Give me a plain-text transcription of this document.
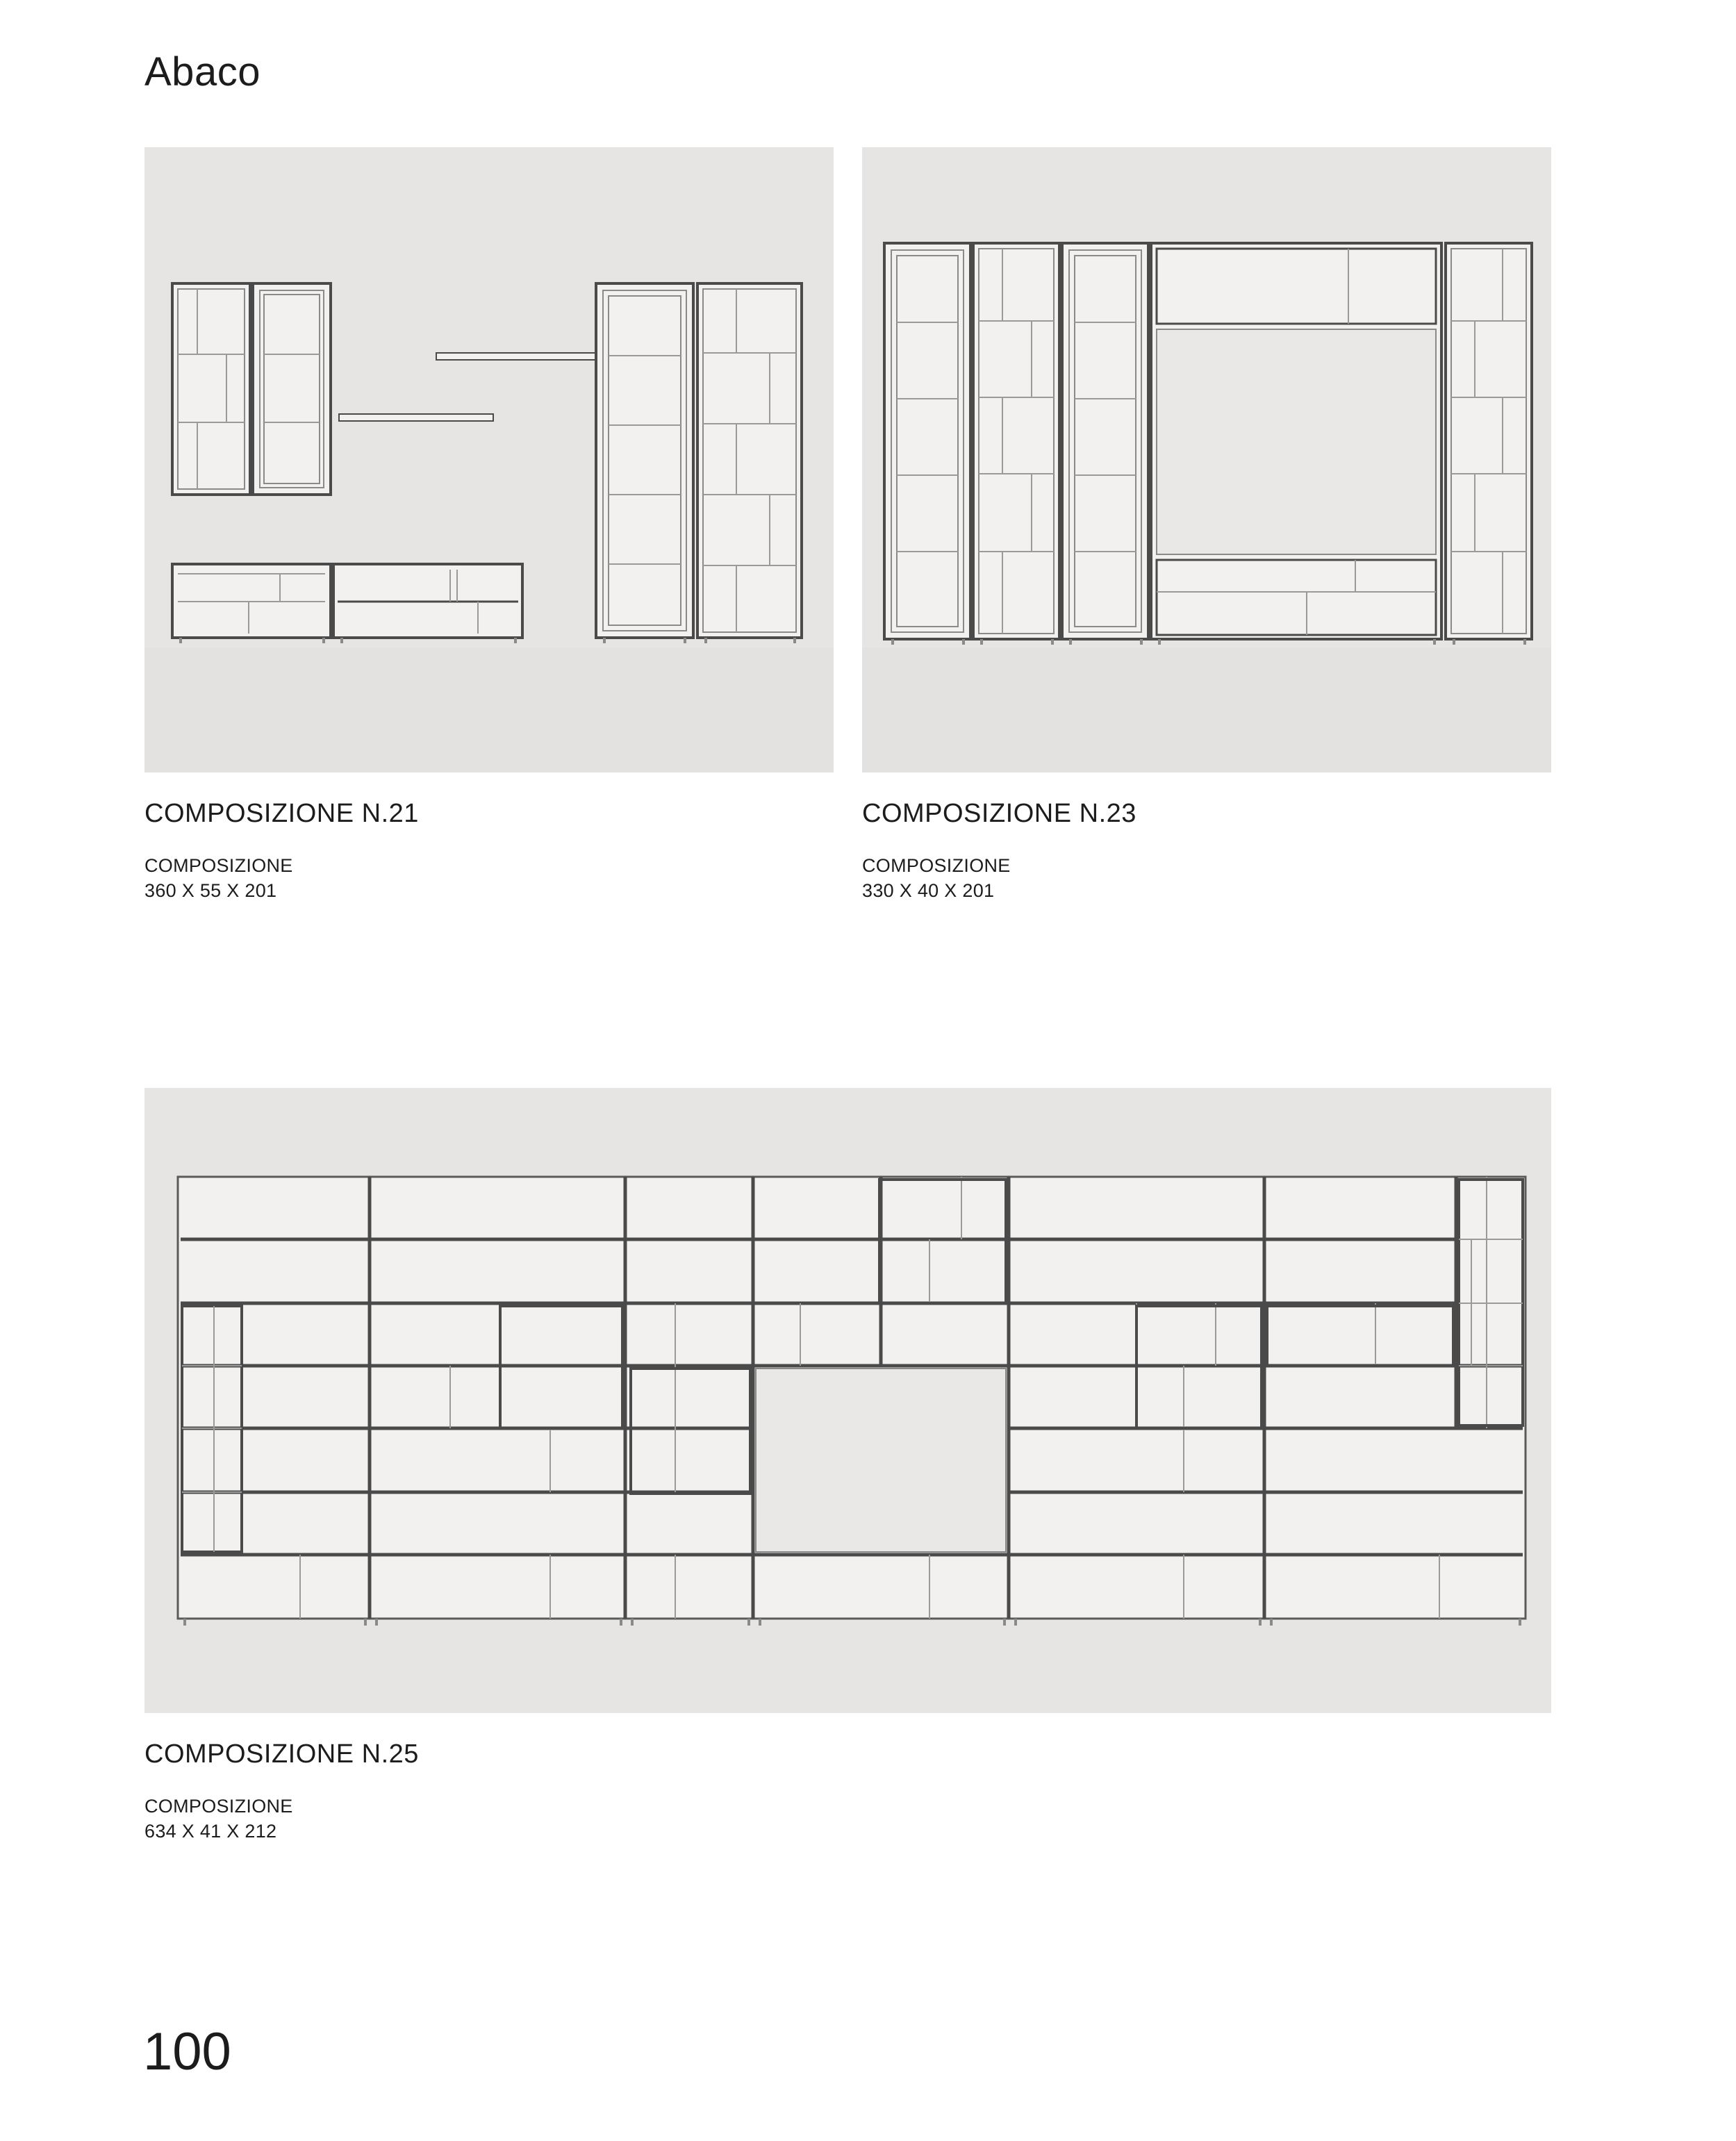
Abaco
COMPOSIZIONE N.21
COMPOSIZIONE
360 X 55 X 201
COMPOSIZIONE N.23
COMPOSIZIONE
330 X 40 X 201
COMPOSIZIONE N.25
COMPOSIZIONE
634 X 41 X 212
100
